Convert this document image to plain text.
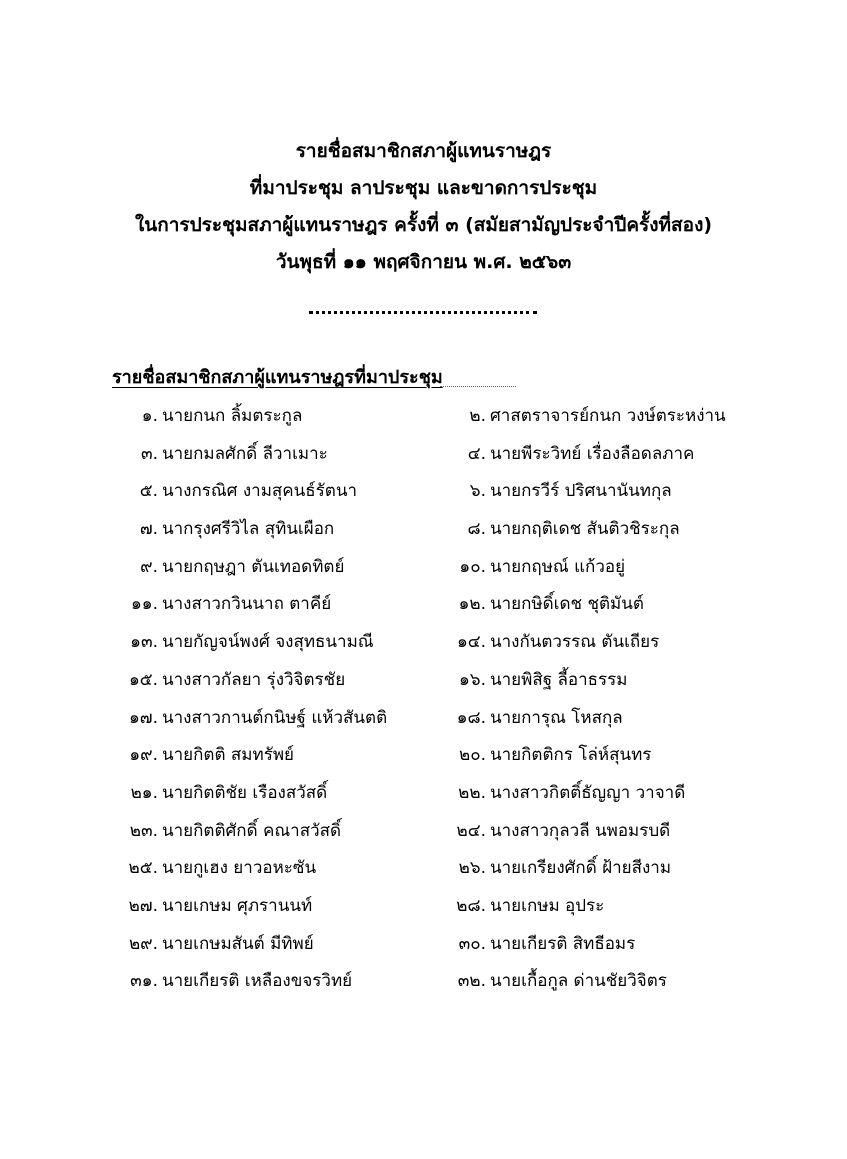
รายชื่อสมาชิกสภาผู้แทนราษฎร
ที่มาประชุม ลาประชุม และขาดการประชุม
ในการประชุมสภาผู้แทนราษฎร ครั้งที่ ๓ (สมัยสามัญประจำปีครั้งที่สอง)
วันพุธที่ ๑๑ พฤศจิกายน พ.ศ. ๒๕๖๓
รายชื่อสมาชิกสภาผู้แทนราษฎรที่มาประชุม
๑. นายกนก ลิ้มตระกูล	๒. ศาสตราจารย์กนก วงษ์ตระหง่าน
๓. นายกมลศักดิ์ ลีวาเมาะ	๔. นายพีระวิทย์ เรื่องลือดลภาค
๕. นางกรณิศ งามสุคนธ์รัตนา	๖. นายกรวีร์ ปริศนานันทกุล
๗. นากรุงศรีวิไล สุทินเผือก	๘. นายกฤติเดช สันติวชิระกุล
๙. นายกฤษฎา ตันเทอดทิตย์	๑๐. นายกฤษณ์ แก้วอยู่
๑๑. นางสาวกวินนาถ ตาคีย์	๑๒. นายกษิดิ์เดช ชุติมันต์
๑๓. นายกัญจน์พงศ์ จงสุทธนามณี	๑๔. นางกันตวรรณ ตันเถียร
๑๕. นางสาวกัลยา รุ่งวิจิตรชัย	๑๖. นายพิสิฐ ลี้อาธรรม
๑๗. นางสาวกานต์กนิษฐ์ แห้วสันตติ	๑๘. นายการุณ โหสกุล
๑๙. นายกิตติ สมทรัพย์	๒๐. นายกิตติกร โล่ห์สุนทร
๒๑. นายกิตติชัย เรืองสวัสดิ์	๒๒. นางสาวกิตติ์ธัญญา วาจาดี
๒๓. นายกิตติศักดิ์ คณาสวัสดิ์	๒๔. นางสาวกุลวลี นพอมรบดี
๒๕. นายกูเฮง ยาวอหะซัน	๒๖. นายเกรียงศักดิ์ ฝ้ายสีงาม
๒๗. นายเกษม ศุภรานนท์	๒๘. นายเกษม อุประ
๒๙. นายเกษมสันต์ มีทิพย์	๓๐. นายเกียรติ สิทธีอมร
๓๑. นายเกียรติ เหลืองขจรวิทย์	๓๒. นายเกื้อกูล ด่านชัยวิจิตร
